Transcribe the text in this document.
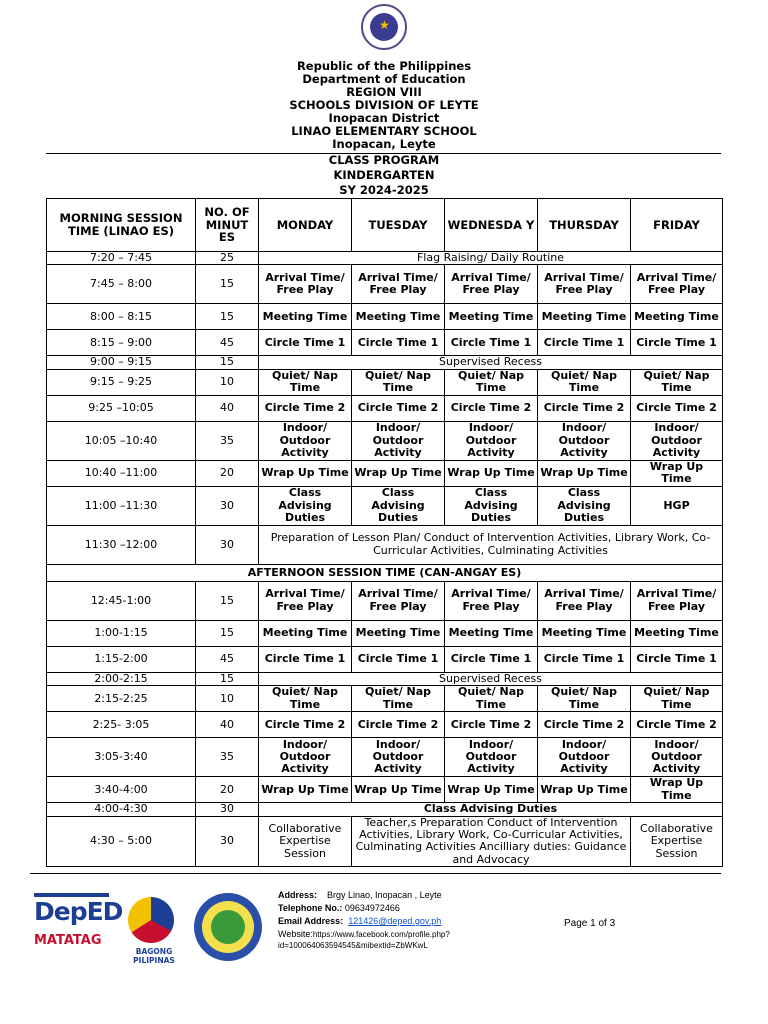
★
Republic of the Philippines
Department of Education
REGION VIII
SCHOOLS DIVISION OF LEYTE
Inopacan District
LINAO ELEMENTARY SCHOOL
Inopacan, Leyte
CLASS PROGRAM
KINDERGARTEN
SY 2024-2025
MORNING SESSION TIME (LINAO ES)	NO. OF MINUT ES	MONDAY	TUESDAY	WEDNESDA Y	THURSDAY	FRIDAY
7:20 – 7:45	25	Flag Raising/ Daily Routine				
7:45 – 8:00	15	Arrival Time/ Free Play	Arrival Time/ Free Play	Arrival Time/ Free Play	Arrival Time/ Free Play	Arrival Time/ Free Play
8:00 – 8:15	15	Meeting Time	Meeting Time	Meeting Time	Meeting Time	Meeting Time
8:15 – 9:00	45	Circle Time 1	Circle Time 1	Circle Time 1	Circle Time 1	Circle Time 1
9:00 – 9:15	15	Supervised Recess				
9:15 – 9:25	10	Quiet/ Nap Time	Quiet/ Nap Time	Quiet/ Nap Time	Quiet/ Nap Time	Quiet/ Nap Time
9:25 –10:05	40	Circle Time 2	Circle Time 2	Circle Time 2	Circle Time 2	Circle Time 2
10:05 –10:40	35	Indoor/ Outdoor Activity	Indoor/ Outdoor Activity	Indoor/ Outdoor Activity	Indoor/ Outdoor Activity	Indoor/ Outdoor Activity
10:40 –11:00	20	Wrap Up Time	Wrap Up Time	Wrap Up Time	Wrap Up Time	Wrap Up Time
11:00 –11:30	30	Class Advising Duties	Class Advising Duties	Class Advising Duties	Class Advising Duties	HGP
11:30 –12:00	30	Preparation of Lesson Plan/ Conduct of Intervention Activities, Library Work, Co-Curricular Activities, Culminating Activities				
AFTERNOON SESSION TIME (CAN-ANGAY ES)						
12:45-1:00	15	Arrival Time/ Free Play	Arrival Time/ Free Play	Arrival Time/ Free Play	Arrival Time/ Free Play	Arrival Time/ Free Play
1:00-1:15	15	Meeting Time	Meeting Time	Meeting Time	Meeting Time	Meeting Time
1:15-2:00	45	Circle Time 1	Circle Time 1	Circle Time 1	Circle Time 1	Circle Time 1
2:00-2:15	15	Supervised Recess				
2:15-2:25	10	Quiet/ Nap Time	Quiet/ Nap Time	Quiet/ Nap Time	Quiet/ Nap Time	Quiet/ Nap Time
2:25- 3:05	40	Circle Time 2	Circle Time 2	Circle Time 2	Circle Time 2	Circle Time 2
3:05-3:40	35	Indoor/ Outdoor Activity	Indoor/ Outdoor Activity	Indoor/ Outdoor Activity	Indoor/ Outdoor Activity	Indoor/ Outdoor Activity
3:40-4:00	20	Wrap Up Time	Wrap Up Time	Wrap Up Time	Wrap Up Time	Wrap Up Time
4:00-4:30	30	Class Advising Duties				
4:30 – 5:00	30	Collaborative Expertise Session	Teacher,s Preparation Conduct of Intervention Activities, Library Work, Co-Curricular Activities, Culminating Activities Ancilliary duties: Guidance and Advocacy			Collaborative Expertise Session
DepED
MATATAG
BAGONG PILIPINAS
Address: Brgy Linao, Inopacan , Leyte
Telephone No.: 09634972466
Email Address: 121426@deped.gov.ph
Website:https://www.facebook.com/profile.php?
id=100064063594545&mibextid=ZbWKwL
Page 1 of 3
